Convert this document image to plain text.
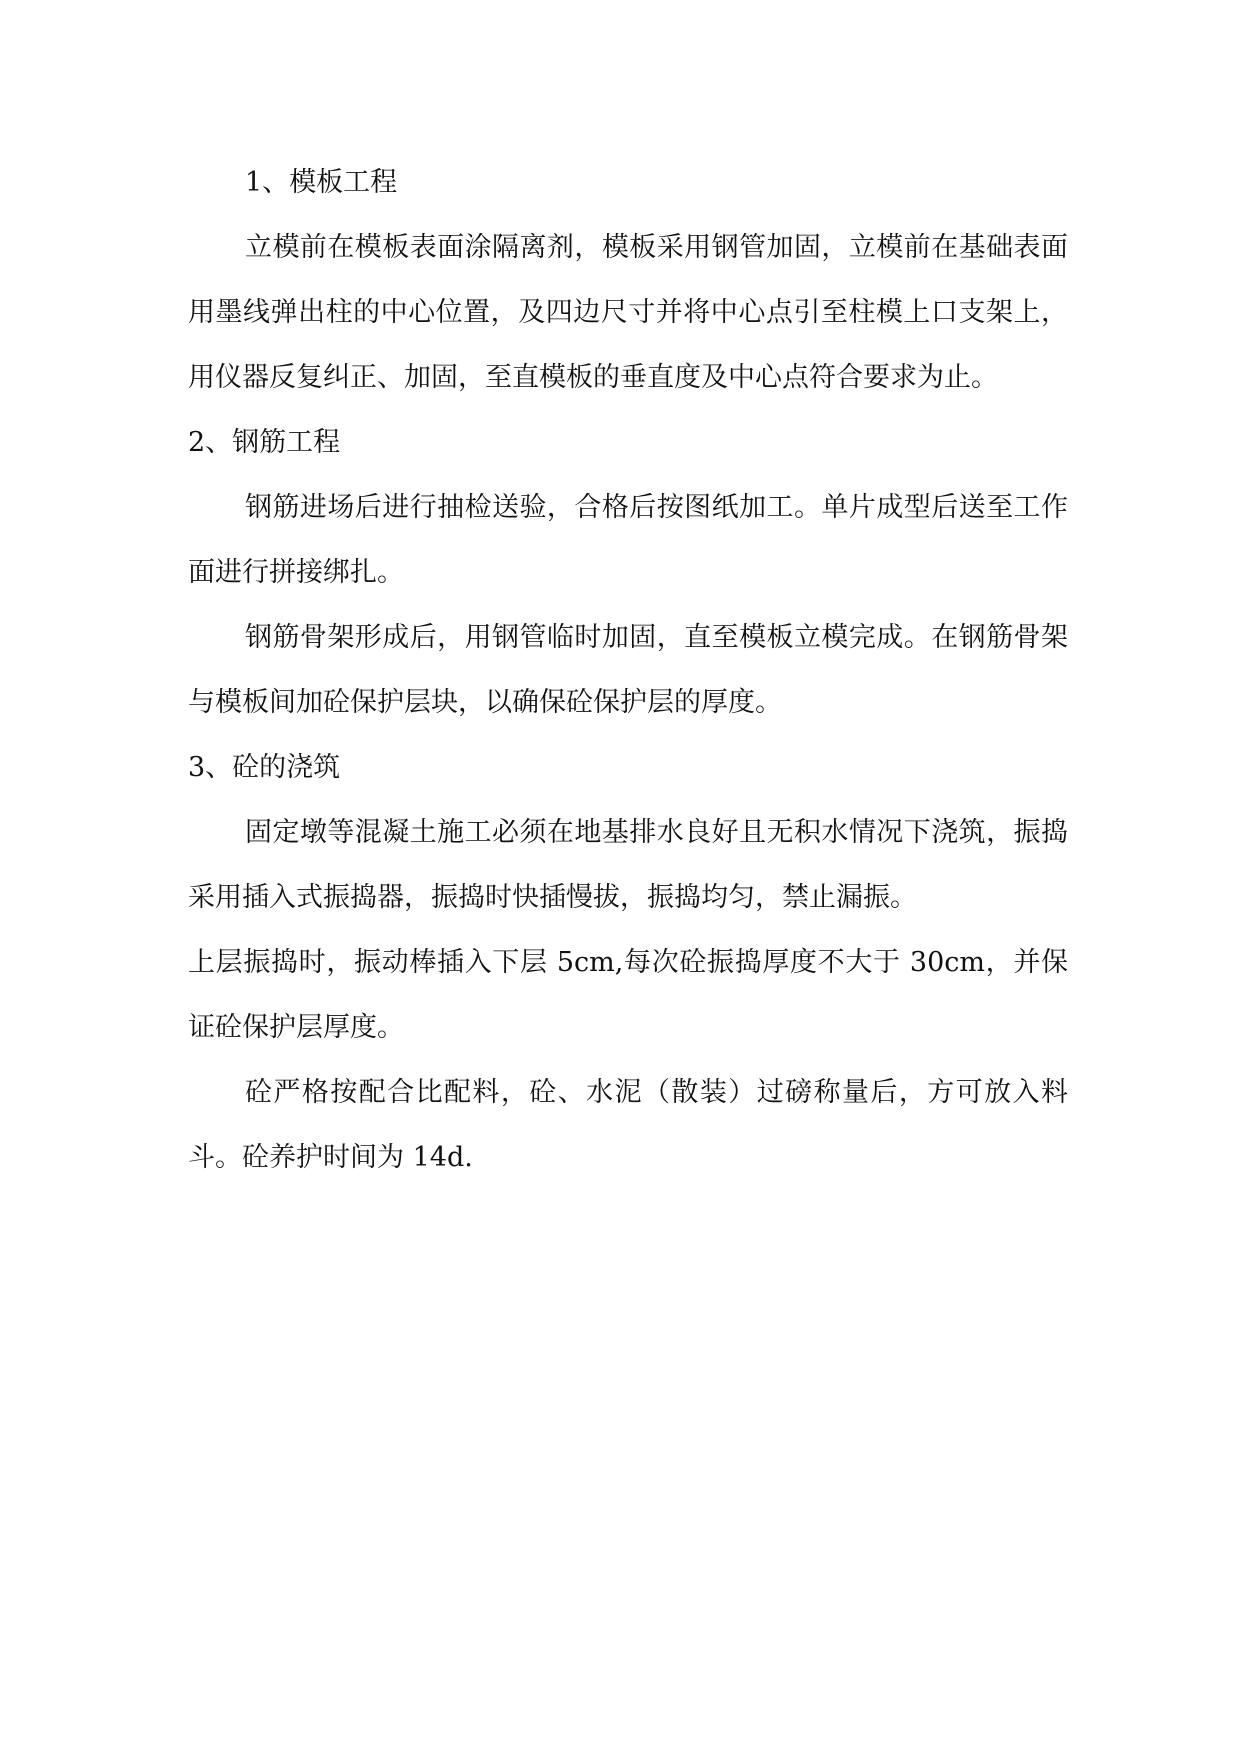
1、模板工程

立模前在模板表面涂隔离剂，模板采用钢管加固，立模前在基础表面用墨线弹出柱的中心位置，及四边尺寸并将中心点引至柱模上口支架上，用仪器反复纠正、加固，至直模板的垂直度及中心点符合要求为止。

2、钢筋工程

钢筋进场后进行抽检送验，合格后按图纸加工。单片成型后送至工作面进行拼接绑扎。

钢筋骨架形成后，用钢管临时加固，直至模板立模完成。在钢筋骨架与模板间加砼保护层块，以确保砼保护层的厚度。

3、砼的浇筑

固定墩等混凝土施工必须在地基排水良好且无积水情况下浇筑，振捣采用插入式振捣器，振捣时快插慢拔，振捣均匀，禁止漏振。

上层振捣时，振动棒插入下层 5cm,每次砼振捣厚度不大于 30cm，并保证砼保护层厚度。

砼严格按配合比配料，砼、水泥（散装）过磅称量后，方可放入料斗。砼养护时间为 14d.
